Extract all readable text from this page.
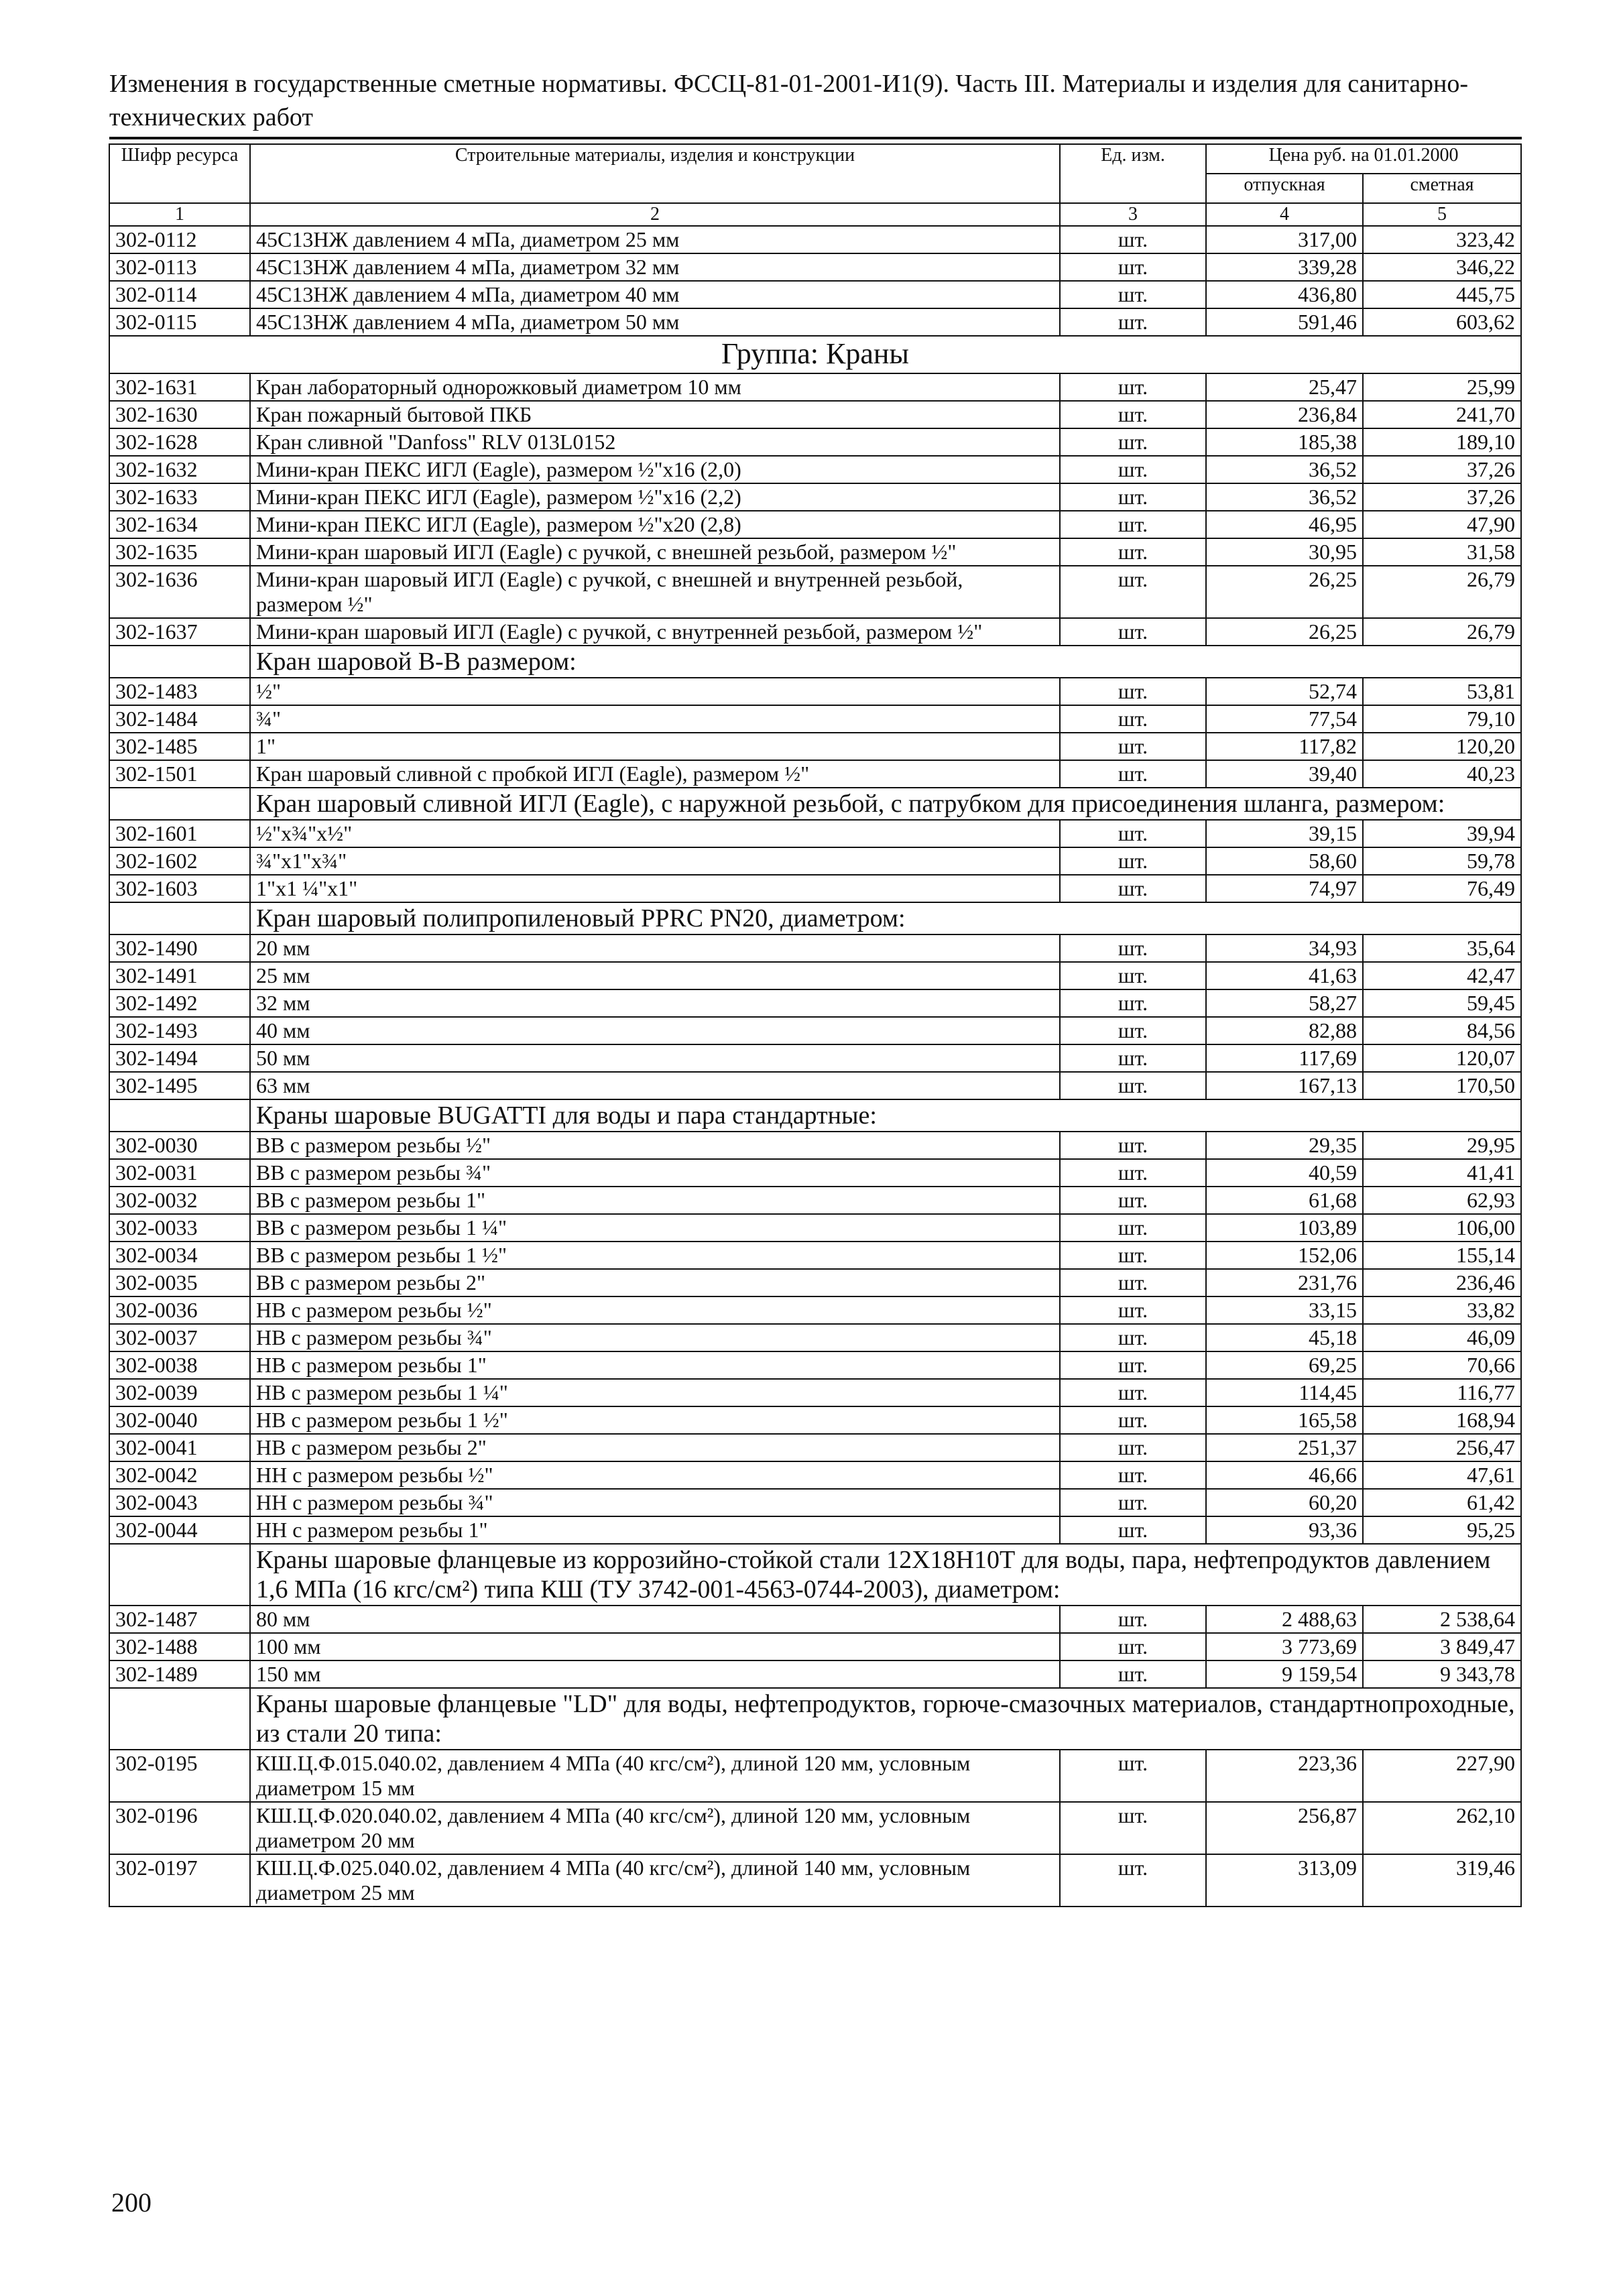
Изменения в государственные сметные нормативы. ФССЦ-81-01-2001-И1(9). Часть III. Материалы и изделия для санитарно-технических работ
Шифр ресурса	Строительные материалы, изделия и конструкции	Ед. изм.	Цена руб. на 01.01.2000	
			отпускная	сметная
1	2	3	4	5
302-0112	45С13НЖ давлением 4 мПа, диаметром 25 мм	шт.	317,00	323,42
302-0113	45С13НЖ давлением 4 мПа, диаметром 32 мм	шт.	339,28	346,22
302-0114	45С13НЖ давлением 4 мПа, диаметром 40 мм	шт.	436,80	445,75
302-0115	45С13НЖ давлением 4 мПа, диаметром 50 мм	шт.	591,46	603,62
Группа: Краны				
302-1631	Кран лабораторный однорожковый диаметром 10 мм	шт.	25,47	25,99
302-1630	Кран пожарный бытовой ПКБ	шт.	236,84	241,70
302-1628	Кран сливной "Danfoss" RLV 013L0152	шт.	185,38	189,10
302-1632	Мини-кран ПЕКС ИГЛ (Eagle), размером ½"х16 (2,0)	шт.	36,52	37,26
302-1633	Мини-кран ПЕКС ИГЛ (Eagle), размером ½"х16 (2,2)	шт.	36,52	37,26
302-1634	Мини-кран ПЕКС ИГЛ (Eagle), размером ½"х20 (2,8)	шт.	46,95	47,90
302-1635	Мини-кран шаровый ИГЛ (Eagle) с ручкой, с внешней резьбой, размером ½"	шт.	30,95	31,58
302-1636	Мини-кран шаровый ИГЛ (Eagle) с ручкой, с внешней и внутренней резьбой, размером ½"	шт.	26,25	26,79
302-1637	Мини-кран шаровый ИГЛ (Eagle) с ручкой, с внутренней резьбой, размером ½"	шт.	26,25	26,79
	Кран шаровой В-В размером:			
302-1483	½"	шт.	52,74	53,81
302-1484	¾"	шт.	77,54	79,10
302-1485	1"	шт.	117,82	120,20
302-1501	Кран шаровый сливной с пробкой ИГЛ (Eagle), размером ½"	шт.	39,40	40,23
	Кран шаровый сливной ИГЛ (Eagle), с наружной резьбой, с патрубком для присоединения шланга, размером:			
302-1601	½"х¾"х½"	шт.	39,15	39,94
302-1602	¾"х1"х¾"	шт.	58,60	59,78
302-1603	1"х1 ¼"х1"	шт.	74,97	76,49
	Кран шаровый полипропиленовый PPRC PN20, диаметром:			
302-1490	20 мм	шт.	34,93	35,64
302-1491	25 мм	шт.	41,63	42,47
302-1492	32 мм	шт.	58,27	59,45
302-1493	40 мм	шт.	82,88	84,56
302-1494	50 мм	шт.	117,69	120,07
302-1495	63 мм	шт.	167,13	170,50
	Краны шаровые BUGATTI для воды и пара стандартные:			
302-0030	ВВ с размером резьбы ½"	шт.	29,35	29,95
302-0031	ВВ с размером резьбы ¾"	шт.	40,59	41,41
302-0032	ВВ с размером резьбы 1"	шт.	61,68	62,93
302-0033	ВВ с размером резьбы 1 ¼"	шт.	103,89	106,00
302-0034	ВВ с размером резьбы 1 ½"	шт.	152,06	155,14
302-0035	ВВ с размером резьбы 2"	шт.	231,76	236,46
302-0036	НВ с размером резьбы ½"	шт.	33,15	33,82
302-0037	НВ с размером резьбы ¾"	шт.	45,18	46,09
302-0038	НВ с размером резьбы 1"	шт.	69,25	70,66
302-0039	НВ с размером резьбы 1 ¼"	шт.	114,45	116,77
302-0040	НВ с размером резьбы 1 ½"	шт.	165,58	168,94
302-0041	НВ с размером резьбы 2"	шт.	251,37	256,47
302-0042	НН с размером резьбы ½"	шт.	46,66	47,61
302-0043	НН с размером резьбы ¾"	шт.	60,20	61,42
302-0044	НН с размером резьбы 1"	шт.	93,36	95,25
	Краны шаровые фланцевые из коррозийно-стойкой стали 12Х18Н10Т для воды, пара, нефтепродуктов давлением 1,6 МПа (16 кгс/см²) типа КШ (ТУ 3742-001-4563-0744-2003), диаметром:			
302-1487	80 мм	шт.	2 488,63	2 538,64
302-1488	100 мм	шт.	3 773,69	3 849,47
302-1489	150 мм	шт.	9 159,54	9 343,78
	Краны шаровые фланцевые "LD" для воды, нефтепродуктов, горюче-смазочных материалов, стандартнопроходные, из стали 20 типа:			
302-0195	КШ.Ц.Ф.015.040.02, давлением 4 МПа (40 кгс/см²), длиной 120 мм, условным диаметром 15 мм	шт.	223,36	227,90
302-0196	КШ.Ц.Ф.020.040.02, давлением 4 МПа (40 кгс/см²), длиной 120 мм, условным диаметром 20 мм	шт.	256,87	262,10
302-0197	КШ.Ц.Ф.025.040.02, давлением 4 МПа (40 кгс/см²), длиной 140 мм, условным диаметром 25 мм	шт.	313,09	319,46
200
